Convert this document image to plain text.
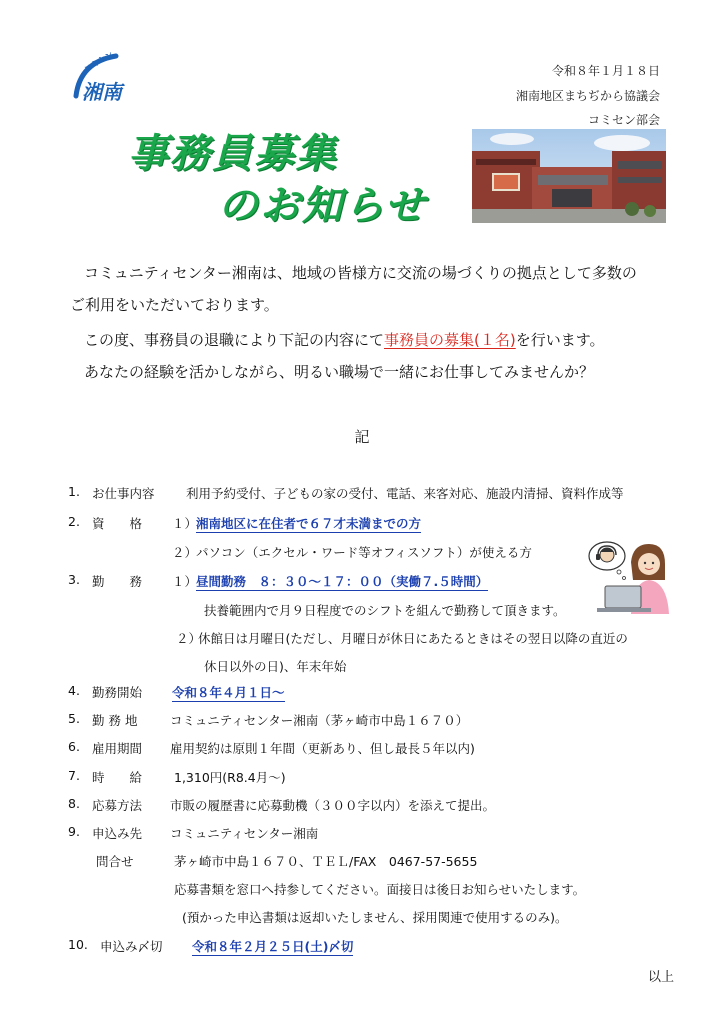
コミセン
湘南
令和８年１月１８日
湘南地区まちぢから協議会
コミセン部会
事務員募集
のお知らせ
コミュニティセンター湘南は、地域の皆様方に交流の場づくりの拠点として多数の
ご利用をいただいております。
この度、事務員の退職により下記の内容にて事務員の募集(１名)を行います。
あなたの経験を活かしながら、明るい職場で一緒にお仕事してみませんか？
記
1. お仕事内容	利用予約受付、子どもの家の受付、電話、来客対応、施設内清掃、資料作成等
2. 資　　格 １）
湘南地区に在住者で６７才未満までの方
２）
パソコン（エクセル・ワード等オフィスソフト）が使える方
3. 勤　　務 １）
昼間勤務　８：３０～１７：００（実働７.５時間）
扶養範囲内で月９日程度でのシフトを組んで勤務して頂きます。
２）
休館日は月曜日(ただし、月曜日が休日にあたるときはその翌日以降の直近の
休日以外の日)、年末年始
4. 勤務開始 令和８年４月１日～
5. 勤 務 地	コミュニティセンター湘南（茅ヶ崎市中島１６７０）
6. 雇用期間 雇用契約は原則１年間（更新あり、但し最長５年以内)
7. 時　　給	1,310円(R8.4月～)
8. 応募方法 市販の履歴書に応募動機（３００字以内）を添えて提出。
9. 申込み先 コミュニティセンター湘南
問合せ	茅ヶ崎市中島１６７０、ＴＥＬ/FAX　0467-57-5655
応募書類を窓口へ持参してください。面接日は後日お知らせいたします。
(預かった申込書類は返却いたしません、採用関連で使用するのみ)。
10. 申込み〆切 令和８年２月２５日(土)〆切
以上
